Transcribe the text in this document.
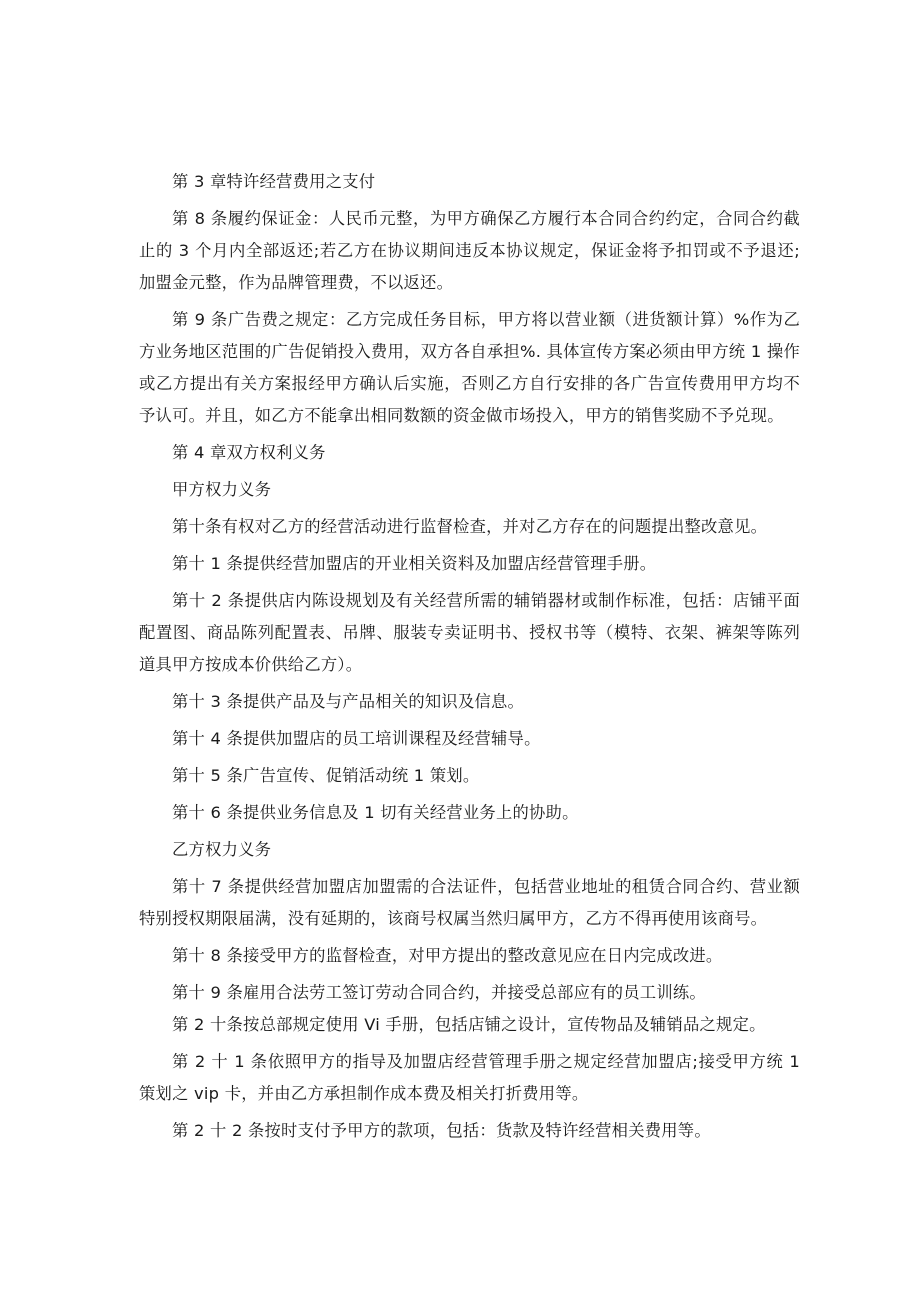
第 3 章特许经营费用之支付

第 8 条履约保证金：人民币元整，为甲方确保乙方履行本合同合约约定，合同合约截止的 3 个月内全部返还;若乙方在协议期间违反本协议规定，保证金将予扣罚或不予退还;加盟金元整，作为品牌管理费，不以返还。

第 9 条广告费之规定：乙方完成任务目标，甲方将以营业额（进货额计算）%作为乙方业务地区范围的广告促销投入费用，双方各自承担%. 具体宣传方案必须由甲方统 1 操作或乙方提出有关方案报经甲方确认后实施，否则乙方自行安排的各广告宣传费用甲方均不予认可。并且，如乙方不能拿出相同数额的资金做市场投入，甲方的销售奖励不予兑现。

第 4 章双方权利义务

甲方权力义务

第十条有权对乙方的经营活动进行监督检查，并对乙方存在的问题提出整改意见。

第十 1 条提供经营加盟店的开业相关资料及加盟店经营管理手册。

第十 2 条提供店内陈设规划及有关经营所需的辅销器材或制作标准，包括：店铺平面配置图、商品陈列配置表、吊牌、服装专卖证明书、授权书等（模特、衣架、裤架等陈列道具甲方按成本价供给乙方）。

第十 3 条提供产品及与产品相关的知识及信息。

第十 4 条提供加盟店的员工培训课程及经营辅导。

第十 5 条广告宣传、促销活动统 1 策划。

第十 6 条提供业务信息及 1 切有关经营业务上的协助。

乙方权力义务

第十 7 条提供经营加盟店加盟需的合法证件，包括营业地址的租赁合同合约、营业额特别授权期限届满，没有延期的，该商号权属当然归属甲方，乙方不得再使用该商号。

第十 8 条接受甲方的监督检查，对甲方提出的整改意见应在日内完成改进。

第十 9 条雇用合法劳工签订劳动合同合约，并接受总部应有的员工训练。

第 2 十条按总部规定使用 Vi 手册，包括店铺之设计，宣传物品及辅销品之规定。

第 2 十 1 条依照甲方的指导及加盟店经营管理手册之规定经营加盟店;接受甲方统 1 策划之 vip 卡，并由乙方承担制作成本费及相关打折费用等。

第 2 十 2 条按时支付予甲方的款项，包括：货款及特许经营相关费用等。
